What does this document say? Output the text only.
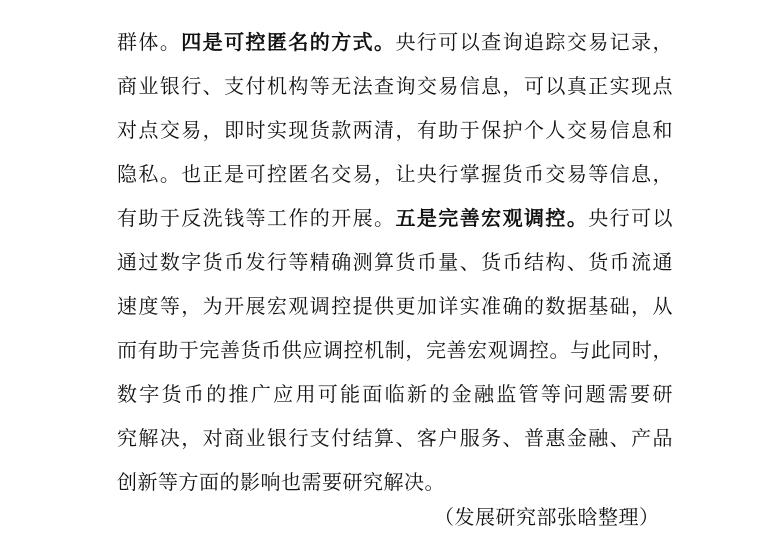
群体。四是可控匿名的方式。央行可以查询追踪交易记录，
商业银行、支付机构等无法查询交易信息，可以真正实现点
对点交易，即时实现货款两清，有助于保护个人交易信息和
隐私。也正是可控匿名交易，让央行掌握货币交易等信息，
有助于反洗钱等工作的开展。五是完善宏观调控。央行可以
通过数字货币发行等精确测算货币量、货币结构、货币流通
速度等，为开展宏观调控提供更加详实准确的数据基础，从
而有助于完善货币供应调控机制，完善宏观调控。与此同时，
数字货币的推广应用可能面临新的金融监管等问题需要研
究解决，对商业银行支付结算、客户服务、普惠金融、产品
创新等方面的影响也需要研究解决。
（发展研究部张晗整理）
